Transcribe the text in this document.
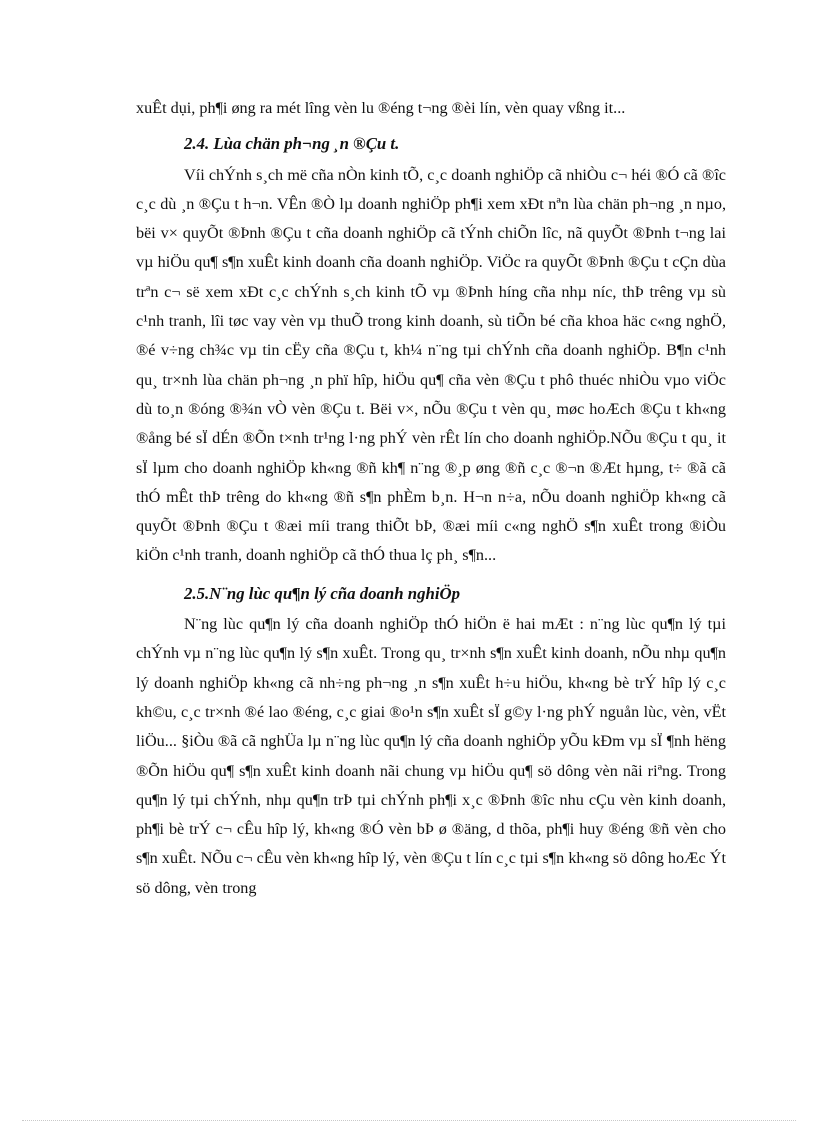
xuÊt dụi, ph¶i øng ra mét lîng vèn lu ®éng t¬ng ®èi lín, vèn quay vßng it...

2.4. Lùa chän ph¬ng ¸n ®Çu t.

Víi chÝnh s¸ch më cña nÒn kinh tÕ, c¸c doanh nghiÖp cã nhiÒu c¬ héi ®Ó cã ®îc c¸c dù ¸n ®Çu t h¬n. VÊn ®Ò lµ doanh nghiÖp ph¶i xem xÐt nªn lùa chän ph¬ng ¸n nµo, bëi v× quyÕt ®Þnh ®Çu t cña doanh nghiÖp cã tÝnh chiÕn lîc, nã quyÕt ®Þnh t¬ng lai vµ hiÖu qu¶ s¶n xuÊt kinh doanh cña doanh nghiÖp. ViÖc ra quyÕt ®Þnh ®Çu t cÇn dùa trªn c¬ së xem xÐt c¸c chÝnh s¸ch kinh tÕ vµ ®Þnh híng cña nhµ níc, thÞ trêng vµ sù c¹nh tranh, lîi tøc vay vèn vµ thuÕ trong kinh doanh, sù tiÕn bé cña khoa häc c«ng nghÖ, ®é v÷ng ch¾c vµ tin cËy cña ®Çu t, kh¼ n¨ng tµi chÝnh cña doanh nghiÖp. B¶n c¹nh qu¸ tr×nh lùa chän ph¬ng ¸n phï hîp, hiÖu qu¶ cña vèn ®Çu t phô thuéc nhiÒu vµo viÖc dù to¸n ®óng ®¾n vÒ vèn ®Çu t. Bëi v×, nÕu ®Çu t vèn qu¸ møc hoÆch ®Çu t kh«ng ®ång bé sÏ dÉn ®Õn t×nh tr¹ng l·ng phÝ vèn rÊt lín cho doanh nghiÖp.NÕu ®Çu t qu¸ it sÏ lµm cho doanh nghiÖp kh«ng ®ñ kh¶ n¨ng ®¸p øng ®ñ c¸c ®¬n ®Æt hµng, t÷ ®ã cã thÓ mÊt thÞ trêng do kh«ng ®ñ s¶n phÈm b¸n. H¬n n÷a, nÕu doanh nghiÖp kh«ng cã quyÕt ®Þnh ®Çu t ®æi míi trang thiÕt bÞ, ®æi míi c«ng nghÖ s¶n xuÊt trong ®iÒu kiÖn c¹nh tranh, doanh nghiÖp cã thÓ thua lç ph¸ s¶n...

2.5.N¨ng lùc qu¶n lý cña doanh nghiÖp

N¨ng lùc qu¶n lý cña doanh nghiÖp thÓ hiÖn ë hai mÆt : n¨ng lùc qu¶n lý tµi chÝnh vµ n¨ng lùc qu¶n lý s¶n xuÊt. Trong qu¸ tr×nh s¶n xuÊt kinh doanh, nÕu nhµ qu¶n lý doanh nghiÖp kh«ng cã nh÷ng ph¬ng ¸n s¶n xuÊt h÷u hiÖu, kh«ng bè trÝ hîp lý c¸c kh©u, c¸c tr×nh ®é lao ®éng, c¸c giai ®o¹n s¶n xuÊt sÏ g©y l·ng phÝ nguån lùc, vèn, vËt liÖu... §iÒu ®ã cã nghÜa lµ n¨ng lùc qu¶n lý cña doanh nghiÖp yÕu kÐm vµ sÏ ¶nh hëng ®Õn hiÖu qu¶ s¶n xuÊt kinh doanh nãi chung vµ hiÖu qu¶ sö dông vèn nãi riªng. Trong qu¶n lý tµi chÝnh, nhµ qu¶n trÞ tµi chÝnh ph¶i x¸c ®Þnh ®îc nhu cÇu vèn kinh doanh, ph¶i bè trÝ c¬ cÊu hîp lý, kh«ng ®Ó vèn bÞ ø ®äng, d thõa, ph¶i huy ®éng ®ñ vèn cho s¶n xuÊt. NÕu c¬ cÊu vèn kh«ng hîp lý, vèn ®Çu t lín c¸c tµi s¶n kh«ng sö dông hoÆc Ýt sö dông, vèn trong
